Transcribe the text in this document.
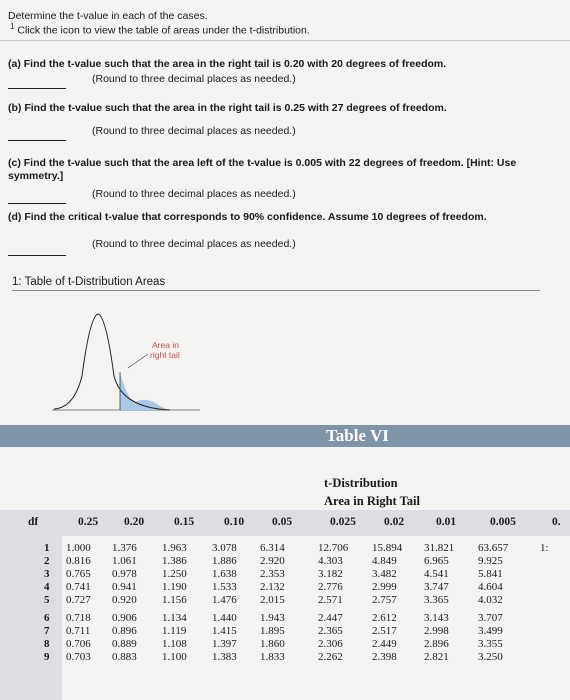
Determine the t-value in each of the cases.
$^1$ Click the icon to view the table of areas under the t-distribution.
(a) Find the t-value such that the area in the right tail is 0.20 with 20 degrees of freedom.
(Round to three decimal places as needed.)
(b) Find the t-value such that the area in the right tail is 0.25 with 27 degrees of freedom.
(Round to three decimal places as needed.)
(c) Find the t-value such that the area left of the t-value is 0.005 with 22 degrees of freedom. [Hint: Use
symmetry.]
(Round to three decimal places as needed.)
(d) Find the critical t-value that corresponds to 90% confidence. Assume 10 degrees of freedom.
(Round to three decimal places as needed.)
1: Table of t-Distribution Areas
Area in
right tail
Table VI
t-Distribution
Area in Right Tail
df	0.25 0.20	0.15	0.10 0.05	0.025 0.02	0.01	0.005	0.
1 1.000 1.376 1.963 3.078 6.314	12.706 15.894 31.821 63.657	1:
2 0.816 1.061 1.386 1.886 2.920	4.303	4.849 6.965	9.925
3 0.765 0.978 1.250 1.638 2.353	3.182	3.482 4.541	5.841
4 0.741 0.941 1.190 1.533 2.132	2.776	2.999 3.747	4.604
5 0.727 0.920 1.156 1.476 2.015	2.571	2.757 3.365	4.032
6 0.718 0.906 1.134 1.440 1.943	2.447	2.612 3.143	3.707
7 0.711 0.896 1.119 1.415 1.895	2.365	2.517 2.998	3.499
8 0.706 0.889 1.108 1.397 1.860	2.306	2.449 2.896	3.355
9 0.703 0.883 1.100 1.383 1.833	2.262	2.398 2.821	3.250
